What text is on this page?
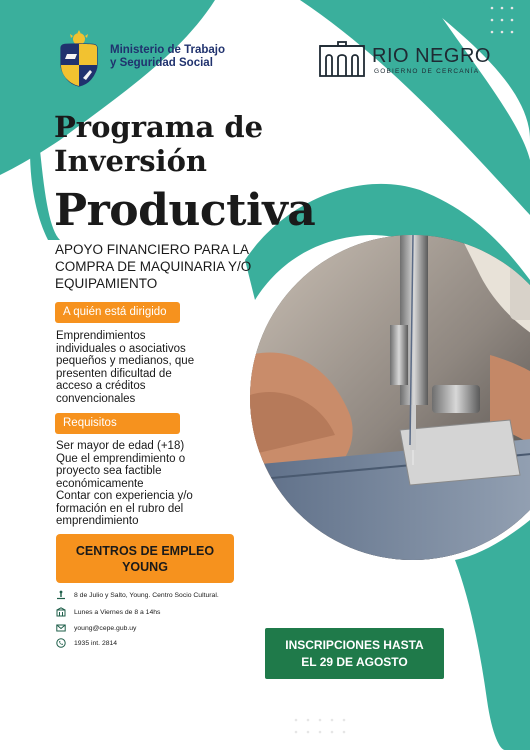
Ministerio de Trabajo
y Seguridad Social	RIO NEGRO
GOBIERNO DE CERCANÍA
Programa de
Inversión
Productiva
APOYO FINANCIERO PARA LA
COMPRA DE MAQUINARIA Y/O
EQUIPAMIENTO
A quién está dirigido
Emprendimientos
individuales o asociativos
pequeños y medianos, que
presenten dificultad de
acceso a créditos
convencionales
Requisitos
Ser mayor de edad (+18)
Que el emprendimiento o
proyecto sea factible
económicamente
Contar con experiencia y/o
formación en el rubro del
emprendimiento
CENTROS DE EMPLEO
YOUNG
8 de Julio y Salto, Young. Centro Socio Cultural.
Lunes a Viernes de 8 a 14hs
young@cepe.gub.uy
1935 int. 2814	INSCRIPCIONES HASTA
EL 29 DE AGOSTO
